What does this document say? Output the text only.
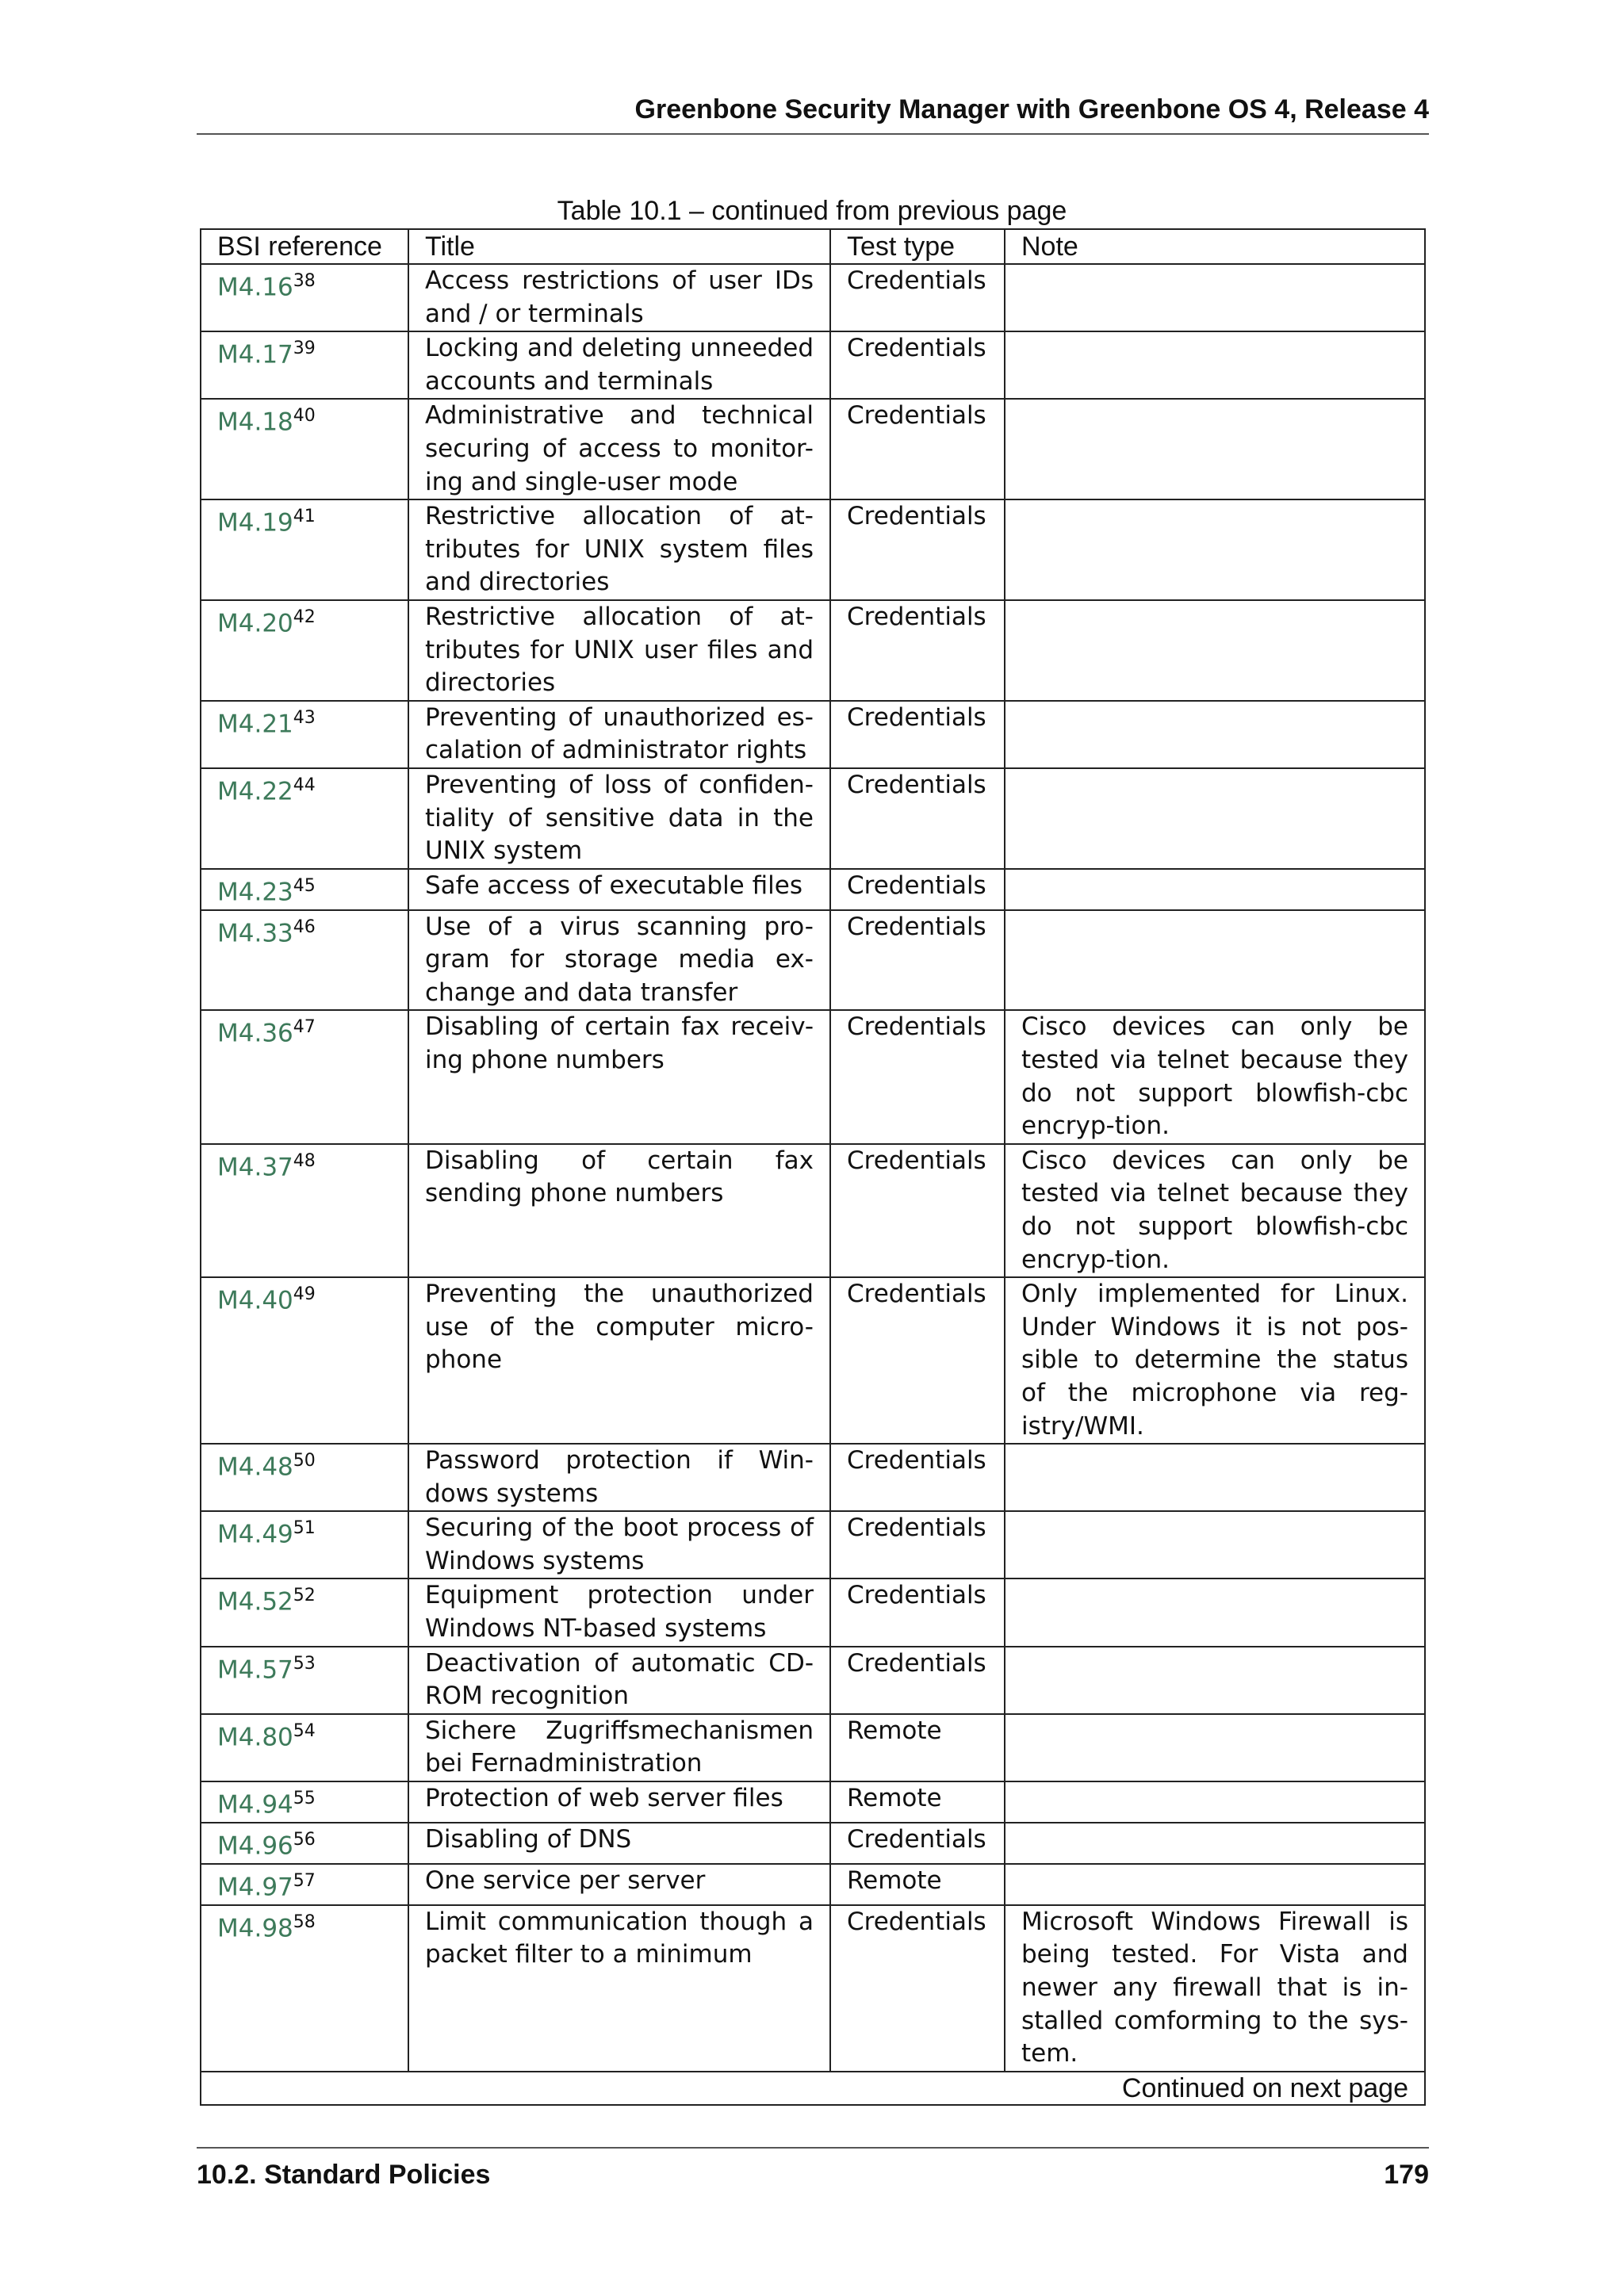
Greenbone Security Manager with Greenbone OS 4, Release 4
Table 10.1 – continued from previous page
BSI reference	Title	Test type	Note
M4.16$^{38}$	Access restrictions of user IDs and / or terminals	Credentials	
M4.17$^{39}$	Locking and deleting unneeded accounts and terminals	Credentials	
M4.18$^{40}$	Administrative and technical securing of access to monitor-ing and single-user mode	Credentials	
M4.19$^{41}$	Restrictive allocation of at-tributes for UNIX system files and directories	Credentials	
M4.20$^{42}$	Restrictive allocation of at-tributes for UNIX user files and directories	Credentials	
M4.21$^{43}$	Preventing of unauthorized es-calation of administrator rights	Credentials	
M4.22$^{44}$	Preventing of loss of confiden-tiality of sensitive data in the UNIX system	Credentials	
M4.23$^{45}$	Safe access of executable files	Credentials	
M4.33$^{46}$	Use of a virus scanning pro-gram for storage media ex-change and data transfer	Credentials	
M4.36$^{47}$	Disabling of certain fax receiv-ing phone numbers	Credentials	Cisco devices can only be tested via telnet because they do not support blowfish-cbc encryp-tion.
M4.37$^{48}$	Disabling of certain fax sending phone numbers	Credentials	Cisco devices can only be tested via telnet because they do not support blowfish-cbc encryp-tion.
M4.40$^{49}$	Preventing the unauthorized use of the computer micro-phone	Credentials	Only implemented for Linux. Under Windows it is not pos-sible to determine the status of the microphone via reg-istry/WMI.
M4.48$^{50}$	Password protection if Win-dows systems	Credentials	
M4.49$^{51}$	Securing of the boot process of Windows systems	Credentials	
M4.52$^{52}$	Equipment protection under Windows NT-based systems	Credentials	
M4.57$^{53}$	Deactivation of automatic CD-ROM recognition	Credentials	
M4.80$^{54}$	Sichere Zugriffsmechanismen bei Fernadministration	Remote	
M4.94$^{55}$	Protection of web server files	Remote	
M4.96$^{56}$	Disabling of DNS	Credentials	
M4.97$^{57}$	One service per server	Remote	
M4.98$^{58}$	Limit communication though a packet filter to a minimum	Credentials	Microsoft Windows Firewall is being tested. For Vista and newer any firewall that is in-stalled comforming to the sys-tem.
Continued on next page			
10.2. Standard Policies	179
